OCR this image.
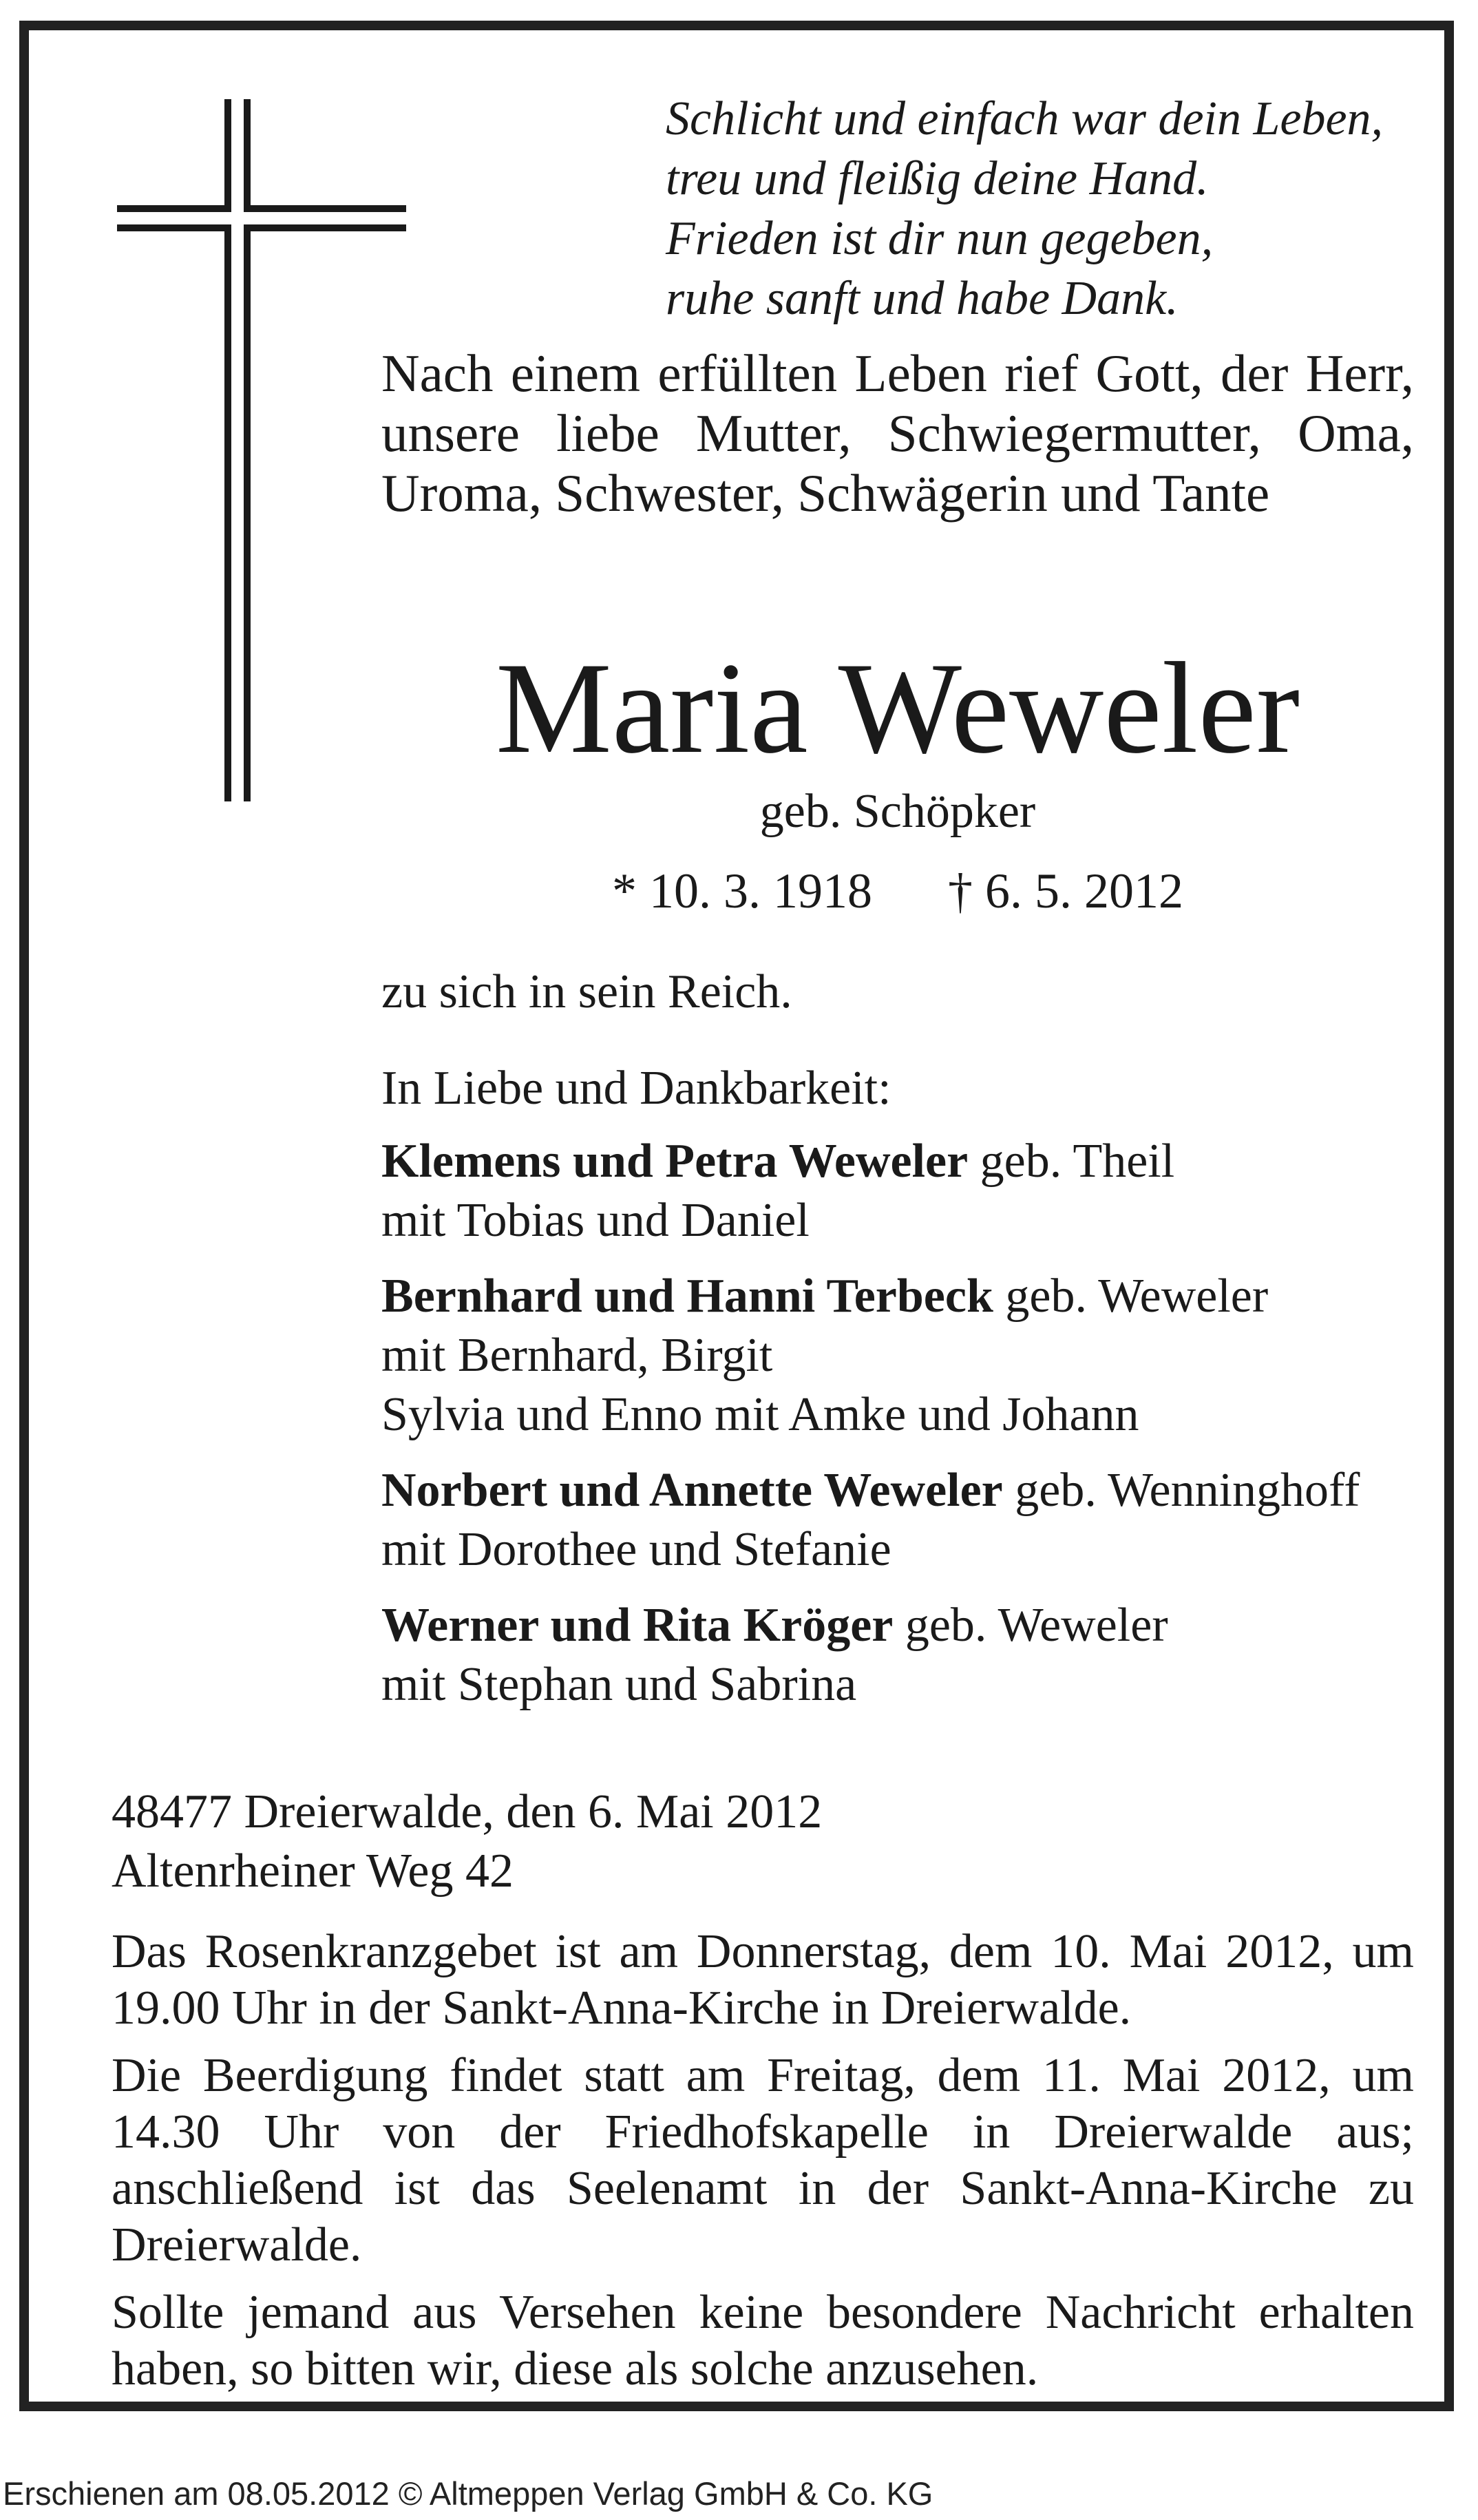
Schlicht und einfach war dein Leben,
treu und fleißig deine Hand.
Frieden ist dir nun gegeben,
ruhe sanft und habe Dank.
Nach einem erfüllten Leben rief Gott, der Herr, unsere liebe Mutter, Schwiegermutter, Oma, Uroma, Schwester, Schwägerin und Tante
Maria Weweler
geb. Schöpker
* 10. 3. 1918 † 6. 5. 2012
zu sich in sein Reich.
In Liebe und Dankbarkeit:
Klemens und Petra Weweler geb. Theil
mit Tobias und Daniel
Bernhard und Hanni Terbeck geb. Weweler
mit Bernhard, Birgit
Sylvia und Enno mit Amke und Johann
Norbert und Annette Weweler geb. Wenninghoff
mit Dorothee und Stefanie
Werner und Rita Kröger geb. Weweler
mit Stephan und Sabrina
48477 Dreierwalde, den 6. Mai 2012
Altenrheiner Weg 42

Das Rosenkranzgebet ist am Donnerstag, dem 10. Mai 2012, um 19.00 Uhr in der Sankt-Anna-Kirche in Dreierwalde.

Die Beerdigung findet statt am Freitag, dem 11. Mai 2012, um 14.30 Uhr von der Friedhofskapelle in Dreierwalde aus; anschließend ist das Seelenamt in der Sankt-Anna-Kirche zu Dreierwalde.

Sollte jemand aus Versehen keine besondere Nachricht erhalten haben, so bitten wir, diese als solche anzusehen.

Erschienen am 08.05.2012 © Altmeppen Verlag GmbH & Co. KG
